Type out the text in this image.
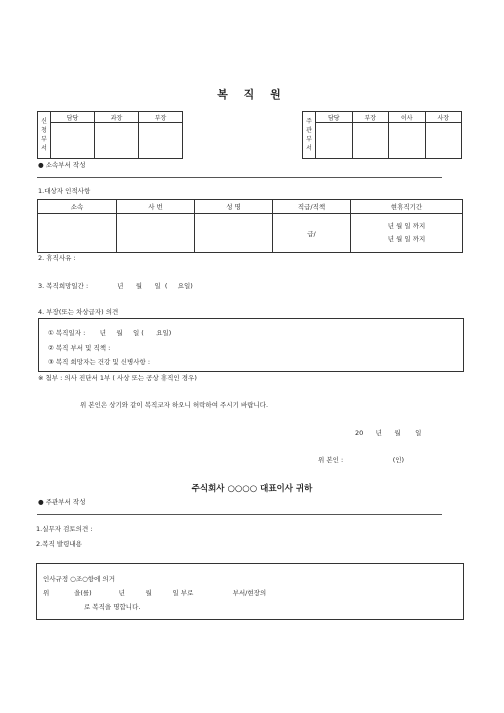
복 직 원
신
청
부
서	담당	과장	부장
			주
관
부
서	담당	부장	이사	사장

● 소속부서 작성
1.대상자 인적사항
소속	사 번	성 명	직급/직책	현휴직기간
			급/	년 월 일 까지
년 월 일 까지
2. 휴직사유 :
3. 복직희망일간 :              년      월      일  (     요일)
4. 부장(또는 차상급자) 의견
① 복직일자 :       년     월     일 (      요일)
② 복직 부서 및 직책 :
③ 복직 희망자는 건강 및 신병사항 :
※ 첨부 : 의사 진단서 1부 ( 사상 또는 공상 휴직인 경우)
위 본인은 상기와 같이 복직코자 하오니 허락하여 주시기 바랍니다.
20      년      월       일
위 본인 :                        (인)
주식회사 ○○○○ 대표이사 귀하
● 주관부서 작성
1.실무자 검토의견 :
2.복직 발령내용
인사규정 ○조○항에 의거
위            을(를)             년          월          일 부로                   부서/현장의
로 복직을 명합니다.
